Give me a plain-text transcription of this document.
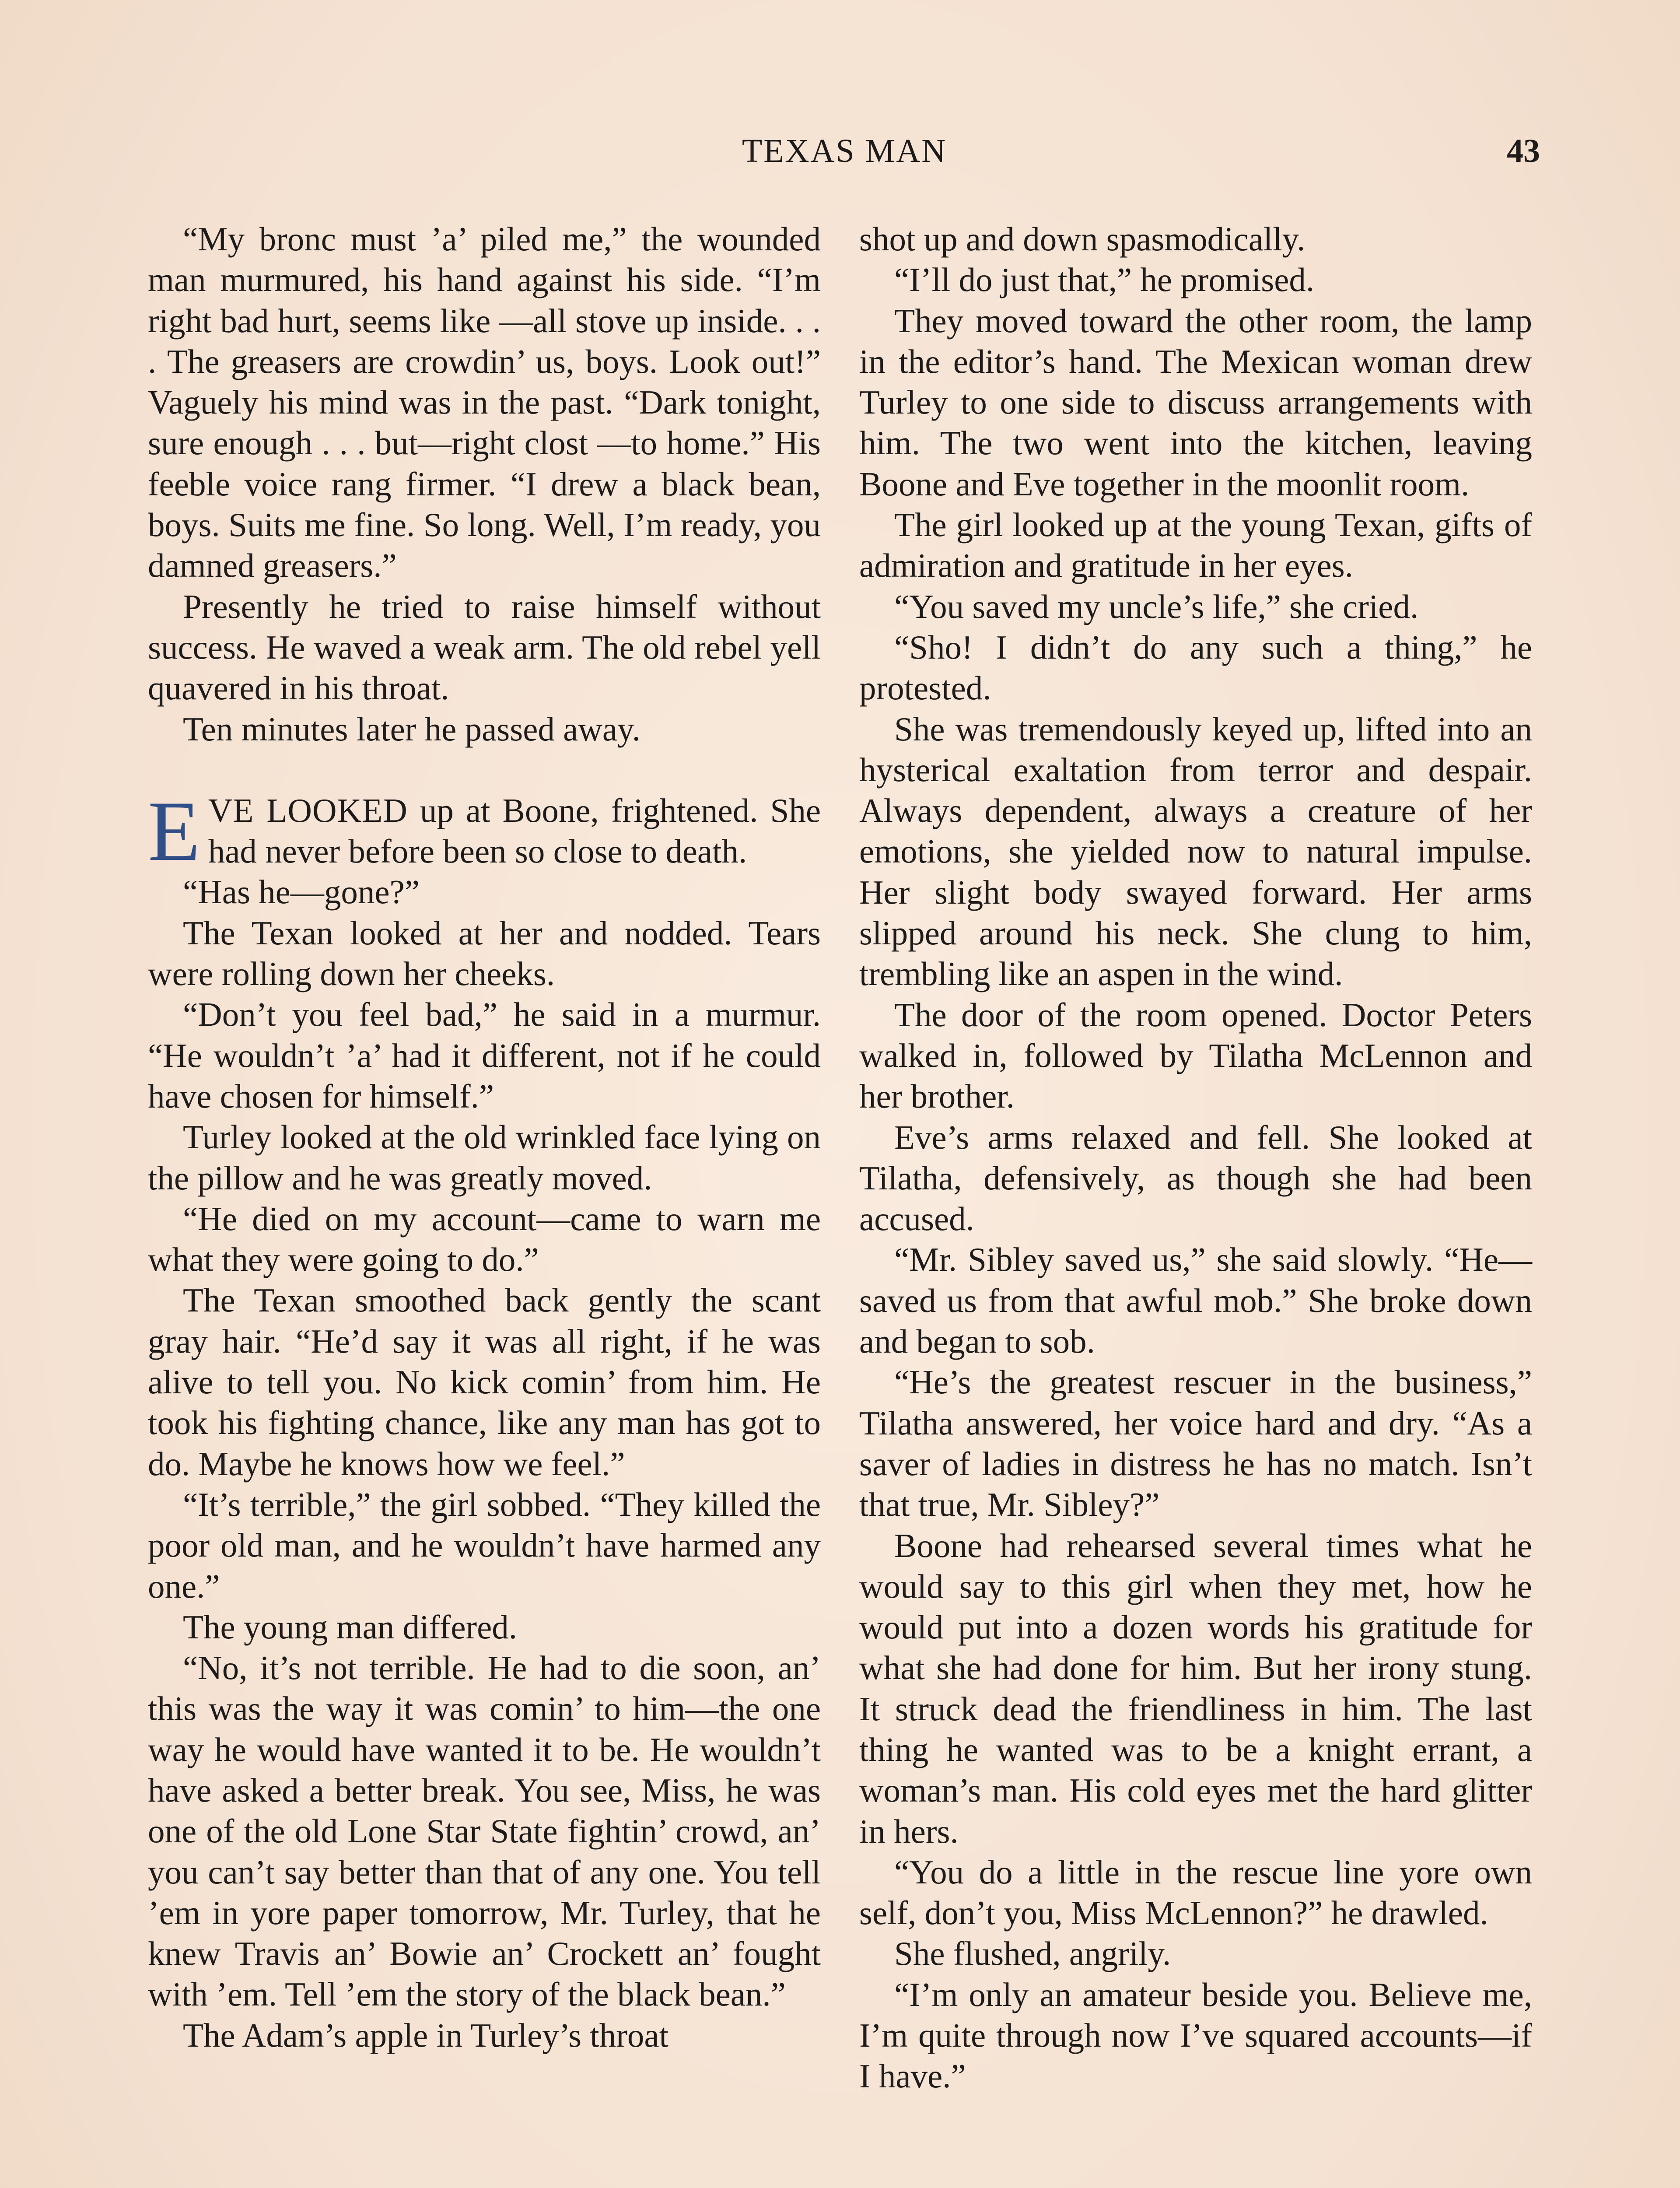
TEXAS MAN	43

“My bronc must ’a’ piled me,” the wounded man murmured, his hand against his side. “I’m right bad hurt, seems like —all stove up inside. . . . The greasers are crowdin’ us, boys. Look out!” Vaguely his mind was in the past. “Dark tonight, sure enough . . . but—right clost —to home.” His feeble voice rang firmer. “I drew a black bean, boys. Suits me fine. So long. Well, I’m ready, you damned greasers.”

Presently he tried to raise himself without success. He waved a weak arm. The old rebel yell quavered in his throat.

Ten minutes later he passed away.

EVE LOOKED up at Boone, frightened. She had never before been so close to death.

“Has he—gone?”

The Texan looked at her and nodded. Tears were rolling down her cheeks.

“Don’t you feel bad,” he said in a murmur. “He wouldn’t ’a’ had it different, not if he could have chosen for himself.”

Turley looked at the old wrinkled face lying on the pillow and he was greatly moved.

“He died on my account—came to warn me what they were going to do.”

The Texan smoothed back gently the scant gray hair. “He’d say it was all right, if he was alive to tell you. No kick comin’ from him. He took his fighting chance, like any man has got to do. Maybe he knows how we feel.”

“It’s terrible,” the girl sobbed. “They killed the poor old man, and he wouldn’t have harmed any one.”

The young man differed.

“No, it’s not terrible. He had to die soon, an’ this was the way it was comin’ to him—the one way he would have wanted it to be. He wouldn’t have asked a better break. You see, Miss, he was one of the old Lone Star State fightin’ crowd, an’ you can’t say better than that of any one. You tell ’em in yore paper tomorrow, Mr. Turley, that he knew Travis an’ Bowie an’ Crockett an’ fought with ’em. Tell ’em the story of the black bean.”

The Adam’s apple in Turley’s throat

shot up and down spasmodically.

“I’ll do just that,” he promised.

They moved toward the other room, the lamp in the editor’s hand. The Mexican woman drew Turley to one side to discuss arrangements with him. The two went into the kitchen, leaving Boone and Eve together in the moonlit room.

The girl looked up at the young Texan, gifts of admiration and gratitude in her eyes.

“You saved my uncle’s life,” she cried.

“Sho! I didn’t do any such a thing,” he protested.

She was tremendously keyed up, lifted into an hysterical exaltation from terror and despair. Always dependent, always a creature of her emotions, she yielded now to natural impulse. Her slight body swayed forward. Her arms slipped around his neck. She clung to him, trembling like an aspen in the wind.

The door of the room opened. Doctor Peters walked in, followed by Tilatha McLennon and her brother.

Eve’s arms relaxed and fell. She looked at Tilatha, defensively, as though she had been accused.

“Mr. Sibley saved us,” she said slowly. “He—saved us from that awful mob.” She broke down and began to sob.

“He’s the greatest rescuer in the business,” Tilatha answered, her voice hard and dry. “As a saver of ladies in distress he has no match. Isn’t that true, Mr. Sibley?”

Boone had rehearsed several times what he would say to this girl when they met, how he would put into a dozen words his gratitude for what she had done for him. But her irony stung. It struck dead the friendliness in him. The last thing he wanted was to be a knight errant, a woman’s man. His cold eyes met the hard glitter in hers.

“You do a little in the rescue line yore own self, don’t you, Miss McLennon?” he drawled.

She flushed, angrily.

“I’m only an amateur beside you. Believe me, I’m quite through now I’ve squared accounts—if I have.”
